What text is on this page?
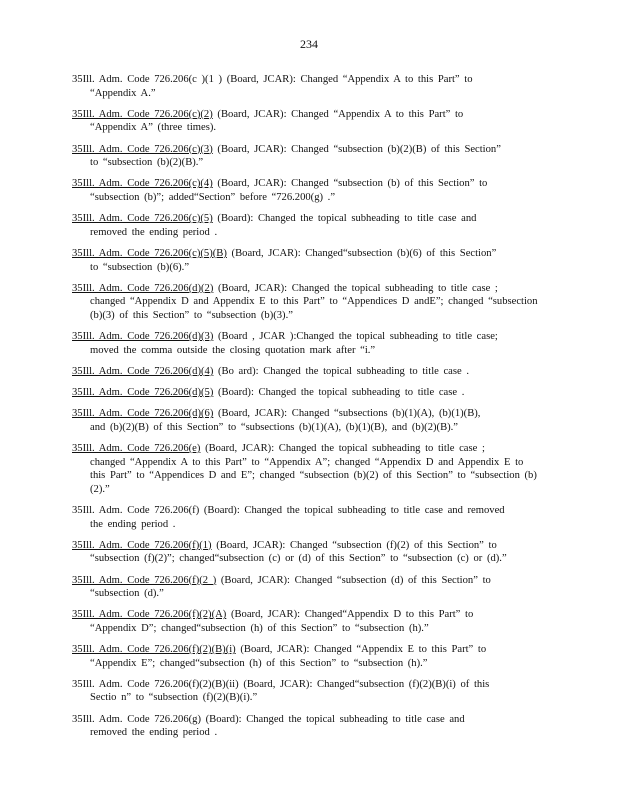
234
35Ill. Adm. Code 726.206(c )(1 ) (Board, JCAR): Changed “Appendix A to this Part” to
“Appendix A.”
35Ill. Adm. Code 726.206(c)(2) (Board, JCAR): Changed “Appendix A to this Part” to
“Appendix A” (three times).
35Ill. Adm. Code 726.206(c)(3) (Board, JCAR): Changed “subsection (b)(2)(B) of this Section”
to “subsection (b)(2)(B).”
35Ill. Adm. Code 726.206(c)(4) (Board, JCAR): Changed “subsection (b) of this Section” to
“subsection (b)”; added“Section” before “726.200(g) .”
35Ill. Adm. Code 726.206(c)(5) (Board): Changed the topical subheading to title case and
removed the ending period .
35Ill. Adm. Code 726.206(c)(5)(B) (Board, JCAR): Changed“subsection (b)(6) of this Section”
to “subsection (b)(6).”
35Ill. Adm. Code 726.206(d)(2) (Board, JCAR): Changed the topical subheading to title case ;
changed “Appendix D and Appendix E to this Part” to “Appendices D andE”; changed “subsection (b)(3) of this Section” to “subsection (b)(3).”
35Ill. Adm. Code 726.206(d)(3) (Board , JCAR ):Changed the topical subheading to title case;
moved the comma outside the closing quotation mark after “i.”
35Ill. Adm. Code 726.206(d)(4) (Bo ard): Changed the topical subheading to title case .
35Ill. Adm. Code 726.206(d)(5) (Board): Changed the topical subheading to title case .
35Ill. Adm. Code 726.206(d)(6) (Board, JCAR): Changed “subsections (b)(1)(A), (b)(1)(B),
and (b)(2)(B) of this Section” to “subsections (b)(1)(A), (b)(1)(B), and (b)(2)(B).”
35Ill. Adm. Code 726.206(e) (Board, JCAR): Changed the topical subheading to title case ;
changed “Appendix A to this Part” to “Appendix A”; changed “Appendix D and Appendix E to this Part” to “Appendices D and E”; changed “subsection (b)(2) of this Section” to “subsection (b)(2).”
35Ill. Adm. Code 726.206(f) (Board): Changed the topical subheading to title case and removed
the ending period .
35Ill. Adm. Code 726.206(f)(1) (Board, JCAR): Changed “subsection (f)(2) of this Section” to
“subsection (f)(2)”; changed“subsection (c) or (d) of this Section” to “subsection (c) or (d).”
35Ill. Adm. Code 726.206(f)(2 ) (Board, JCAR): Changed “subsection (d) of this Section” to
“subsection (d).”
35Ill. Adm. Code 726.206(f)(2)(A) (Board, JCAR): Changed“Appendix D to this Part” to
“Appendix D”; changed“subsection (h) of this Section” to “subsection (h).”
35Ill. Adm. Code 726.206(f)(2)(B)(i) (Board, JCAR): Changed “Appendix E to this Part” to
“Appendix E”; changed“subsection (h) of this Section” to “subsection (h).”
35Ill. Adm. Code 726.206(f)(2)(B)(ii) (Board, JCAR): Changed“subsection (f)(2)(B)(i) of this
Sectio n” to “subsection (f)(2)(B)(i).”
35Ill. Adm. Code 726.206(g) (Board): Changed the topical subheading to title case and
removed the ending period .
